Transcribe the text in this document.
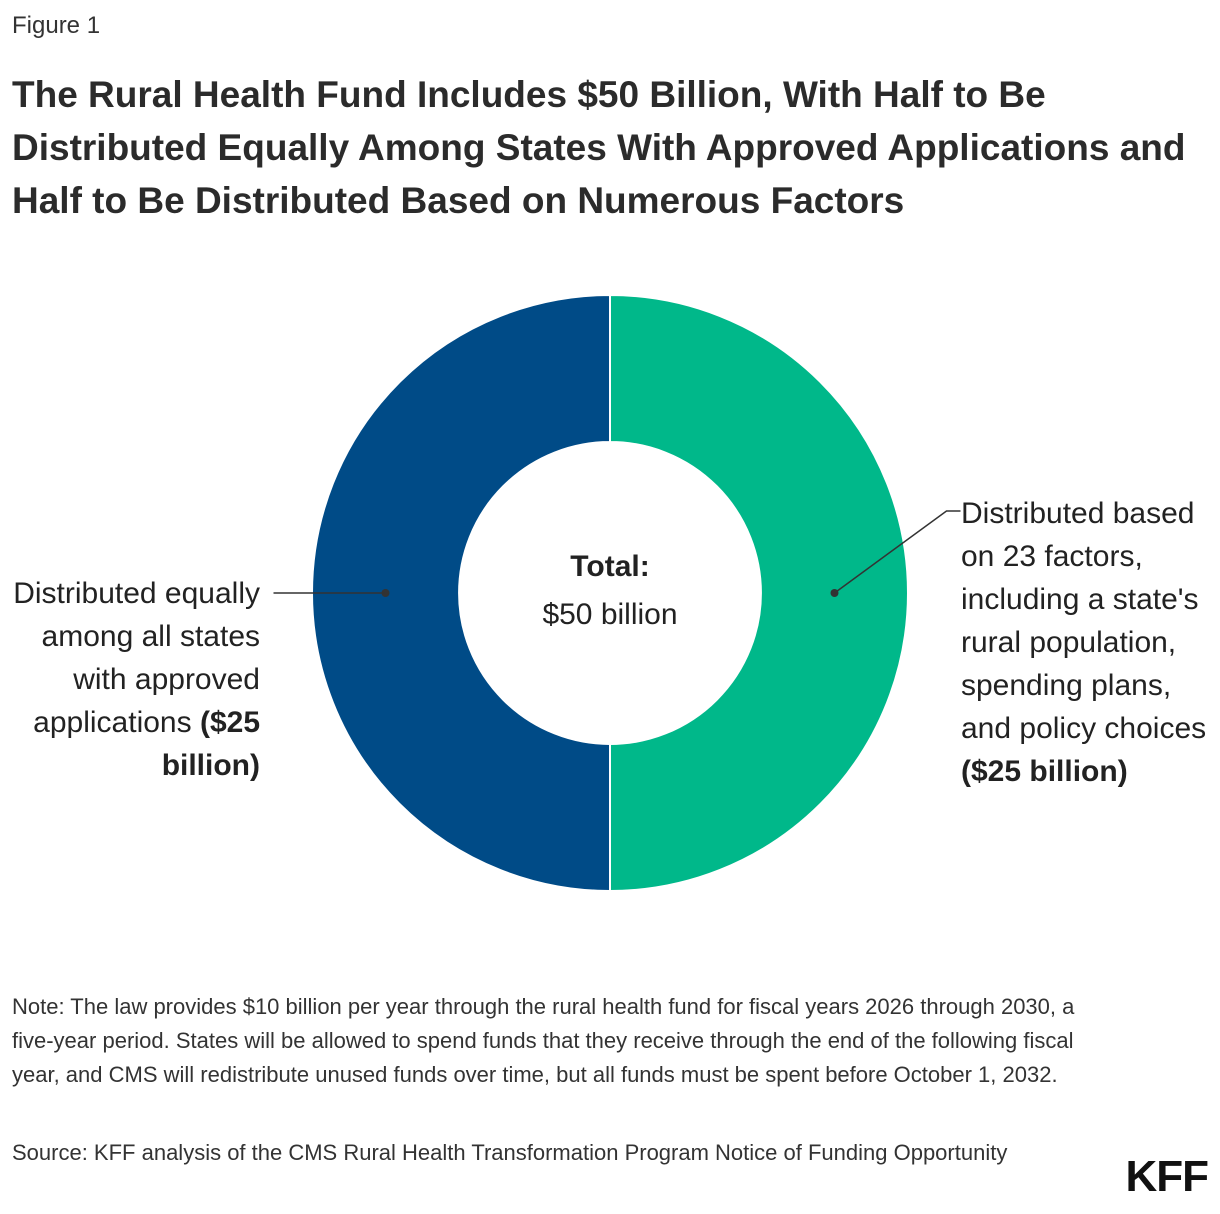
Figure 1
The Rural Health Fund Includes $50 Billion, With Half to Be Distributed Equally Among States With Approved Applications and Half to Be Distributed Based on Numerous Factors
Total:
$50 billion
Distributed equally among all states with approved applications ($25 billion)
Distributed based on 23 factors, including a state's rural population, spending plans, and policy choices ($25 billion)
Note: The law provides $10 billion per year through the rural health fund for fiscal years 2026 through 2030, a five-year period. States will be allowed to spend funds that they receive through the end of the following fiscal year, and CMS will redistribute unused funds over time, but all funds must be spent before October 1, 2032.
Source: KFF analysis of the CMS Rural Health Transformation Program Notice of Funding Opportunity	KFF
